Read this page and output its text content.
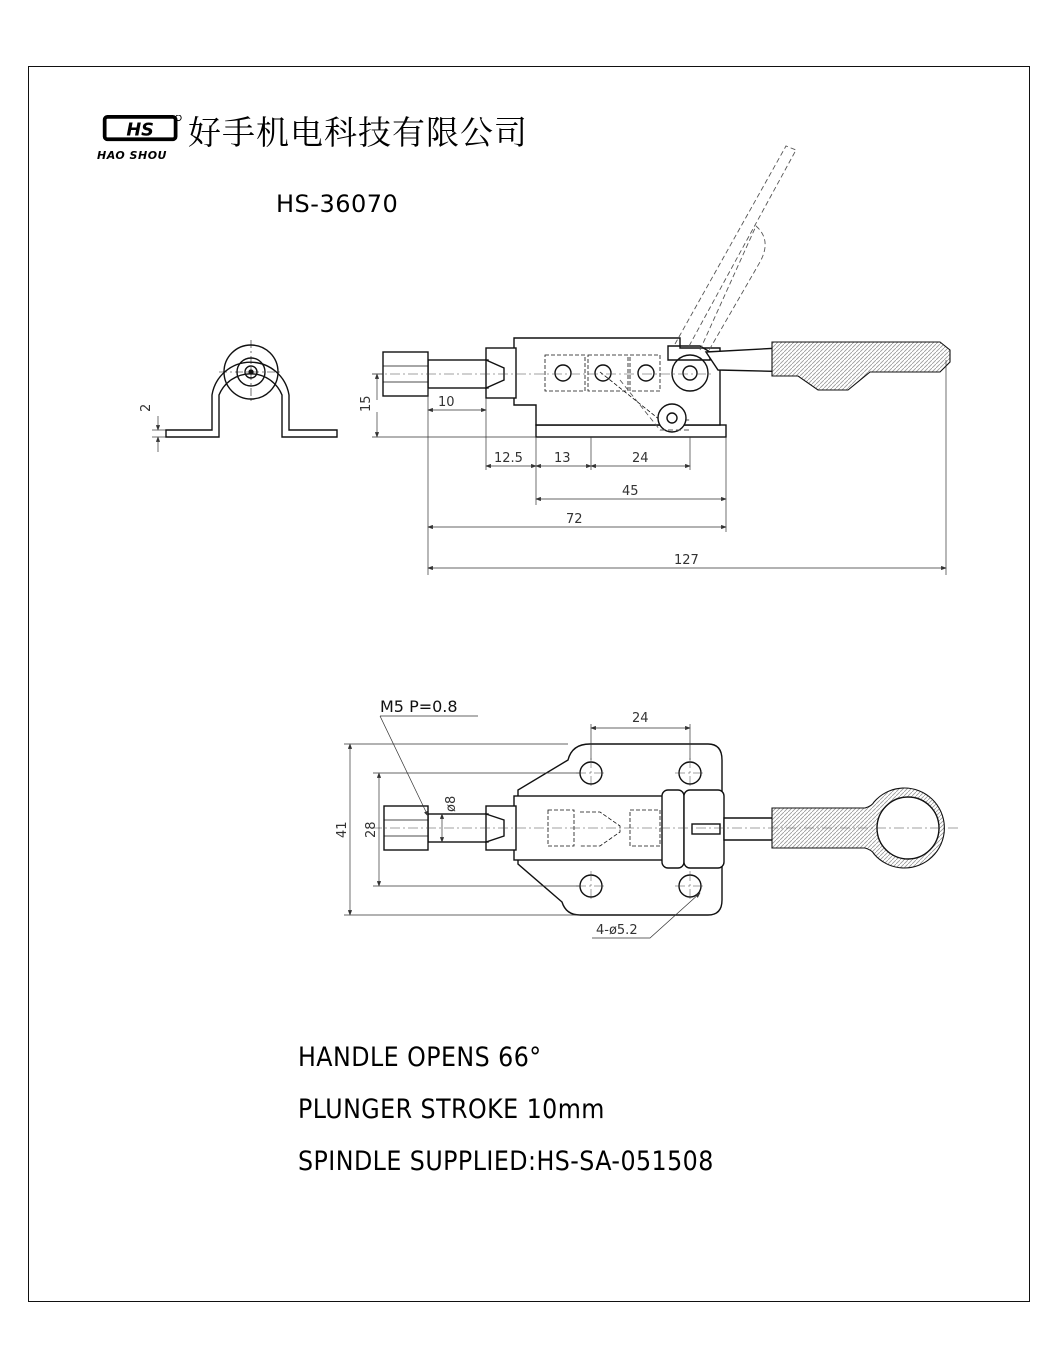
HS
HAO SHOU
好手机电科技有限公司
HS-36070
2	15	10
12.5 13	24
45
72
127
24
41 28
ø8
4-ø5.2
M5 P=0.8
HANDLE OPENS 66°
PLUNGER STROKE 10mm
SPINDLE SUPPLIED:HS-SA-051508
